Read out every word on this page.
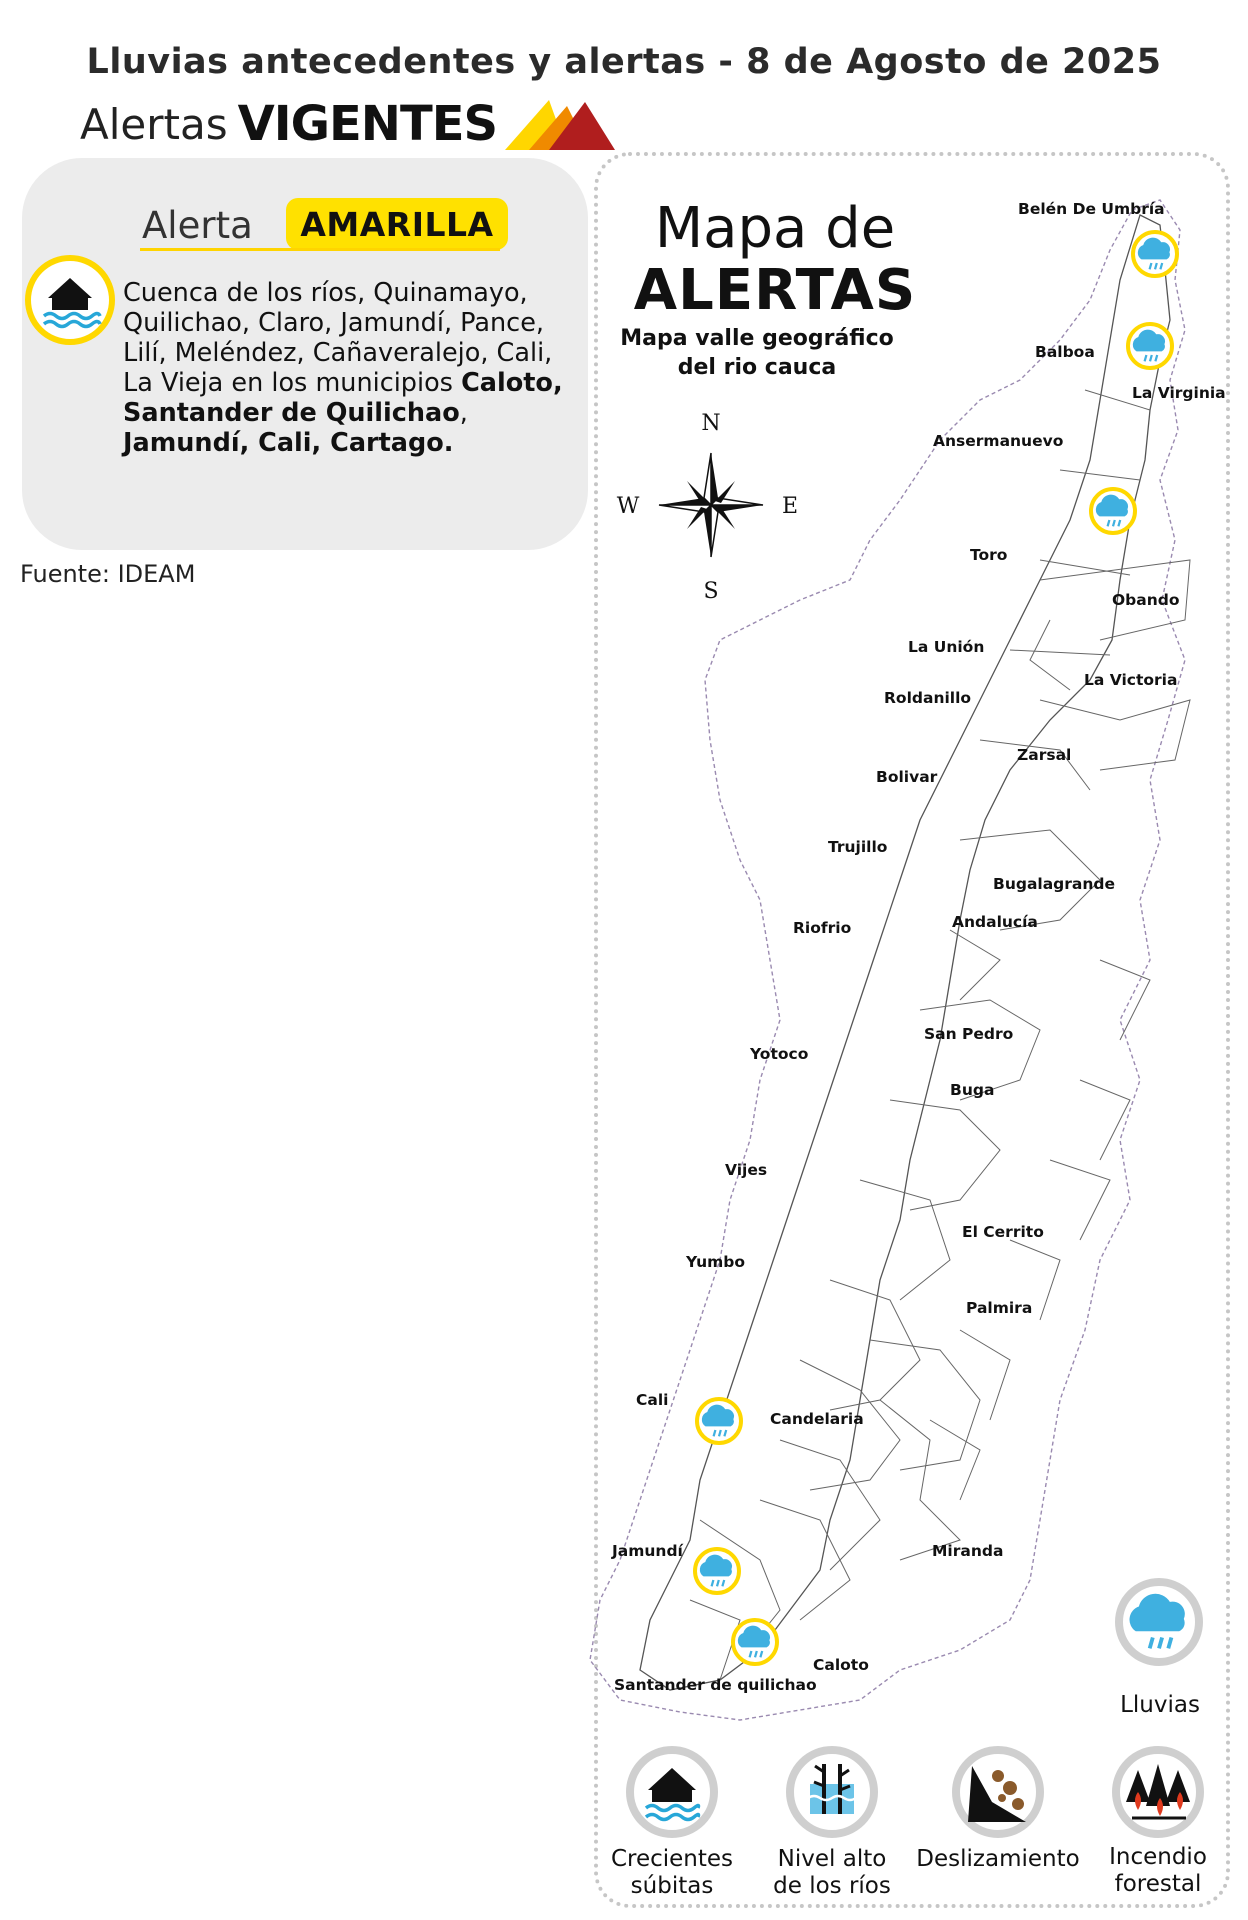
Lluvias antecedentes y alertas - 8 de Agosto de 2025
Alertas VIGENTES
Alerta	AMARILLA
Cuenca de los ríos, Quinamayo, Quilichao, Claro, Jamundí, Pance, Lilí, Meléndez, Cañaveralejo, Cali, La Vieja en los municipios Caloto, Santander de Quilichao, Jamundí, Cali, Cartago.
Fuente: IDEAM
Mapa de
ALERTAS
Mapa valle geográfico
del rio cauca
N
S
E
W
Belén De Umbría
Balboa
La Virginia
Ansermanuevo
Toro
Obando
La Unión
La Victoria
Roldanillo
Zarsal
Bolivar
Trujillo
Bugalagrande
Andalucía
Riofrio
San Pedro
Yotoco
Buga
Vijes
El Cerrito
Yumbo
Palmira
Cali
Candelaria
Jamundí	Miranda
Caloto
Santander de quilichao
Lluvias
Crecientes
súbitas
Nivel alto
de los ríos
Deslizamiento	Incendio
forestal
